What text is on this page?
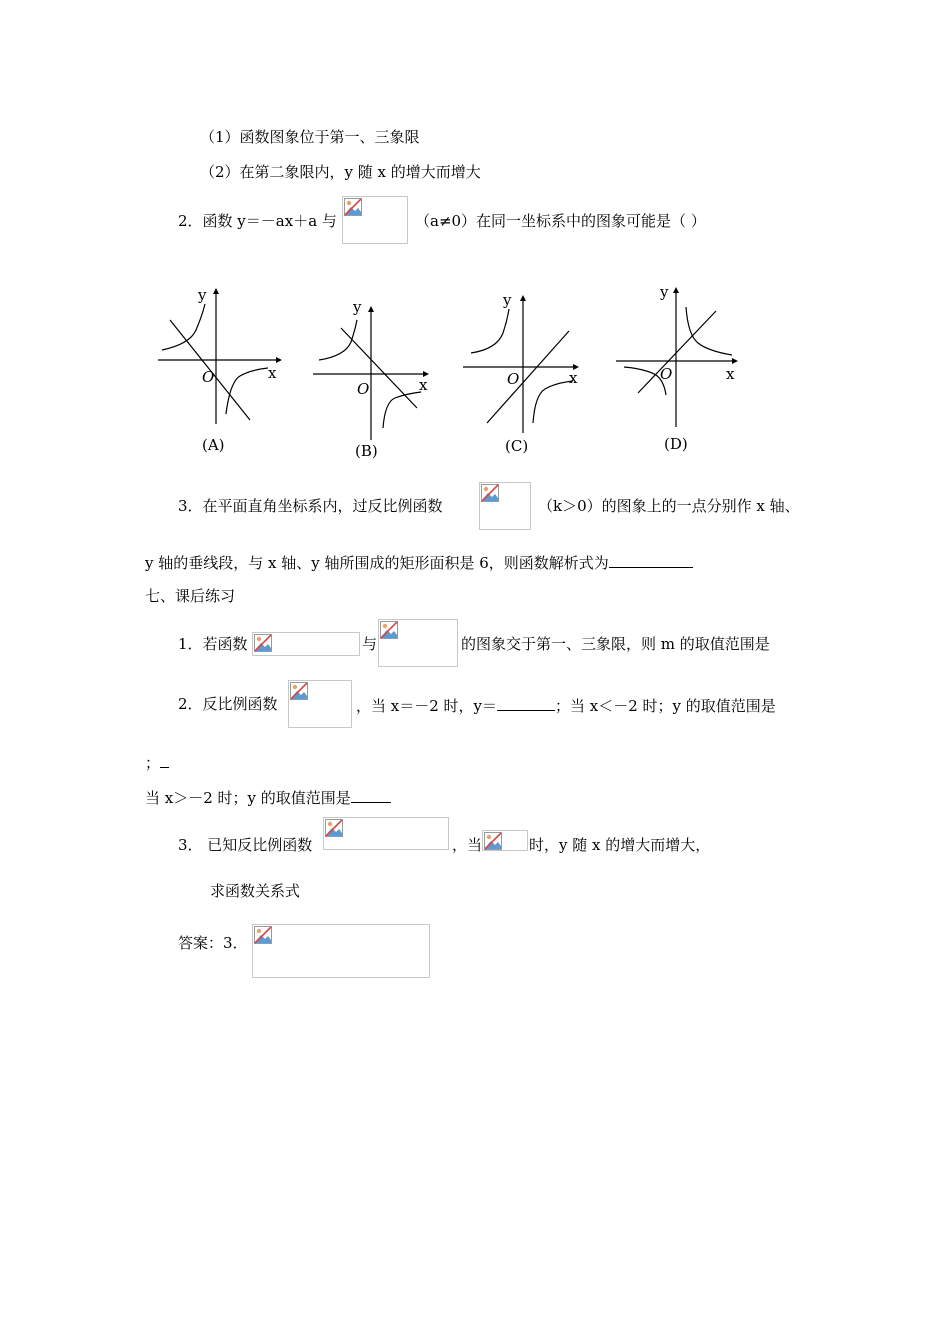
（1）函数图象位于第一、三象限
（2）在第二象限内，y 随 x 的增大而增大
2．函数 y＝－ax＋a 与	（a≠0）在同一坐标系中的图象可能是（ ）
y
x
O
(A)
y
x
O
(B)
y
x
O
(C)
y
x
O
(D)
3．在平面直角坐标系内，过反比例函数	（k＞0）的图象上的一点分别作 x 轴、
y 轴的垂线段，与 x 轴、y 轴所围成的矩形面积是 6，则函数解析式为
七、课后练习
1．若函数	与	的图象交于第一、三象限，则 m 的取值范围是
2．反比例函数	，当 x＝－2 时，y＝	；当 x＜－2 时；y 的取值范围是
；
当 x＞－2 时；y 的取值范围是
3． 已知反比例函数	，当	时，y 随 x 的增大而增大，
求函数关系式
答案：3．
